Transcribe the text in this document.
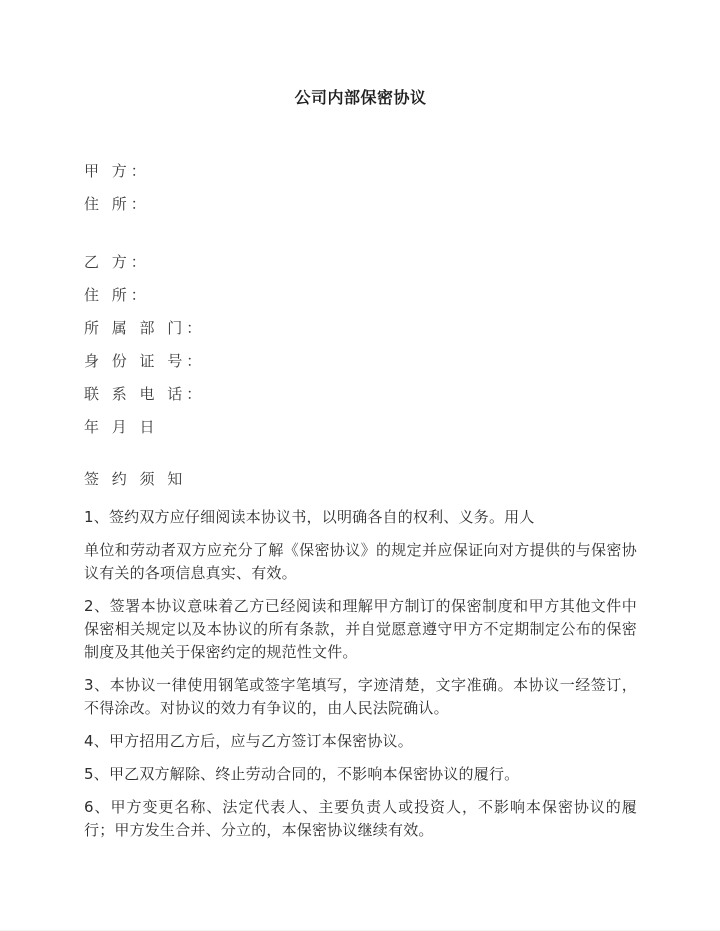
公司内部保密协议
甲 方：
住 所：
乙 方：
住 所：
所 属 部 门：
身 份 证 号：
联 系 电 话：
年 月 日
签 约 须 知

1、签约双方应仔细阅读本协议书，以明确各自的权利、义务。用人

单位和劳动者双方应充分了解《保密协议》的规定并应保证向对方提供的与保密协议有关的各项信息真实、有效。

2、签署本协议意味着乙方已经阅读和理解甲方制订的保密制度和甲方其他文件中保密相关规定以及本协议的所有条款，并自觉愿意遵守甲方不定期制定公布的保密制度及其他关于保密约定的规范性文件。

3、本协议一律使用钢笔或签字笔填写，字迹清楚，文字准确。本协议一经签订，不得涂改。对协议的效力有争议的，由人民法院确认。

4、甲方招用乙方后，应与乙方签订本保密协议。

5、甲乙双方解除、终止劳动合同的，不影响本保密协议的履行。

6、甲方变更名称、法定代表人、主要负责人或投资人，不影响本保密协议的履行；甲方发生合并、分立的，本保密协议继续有效。
